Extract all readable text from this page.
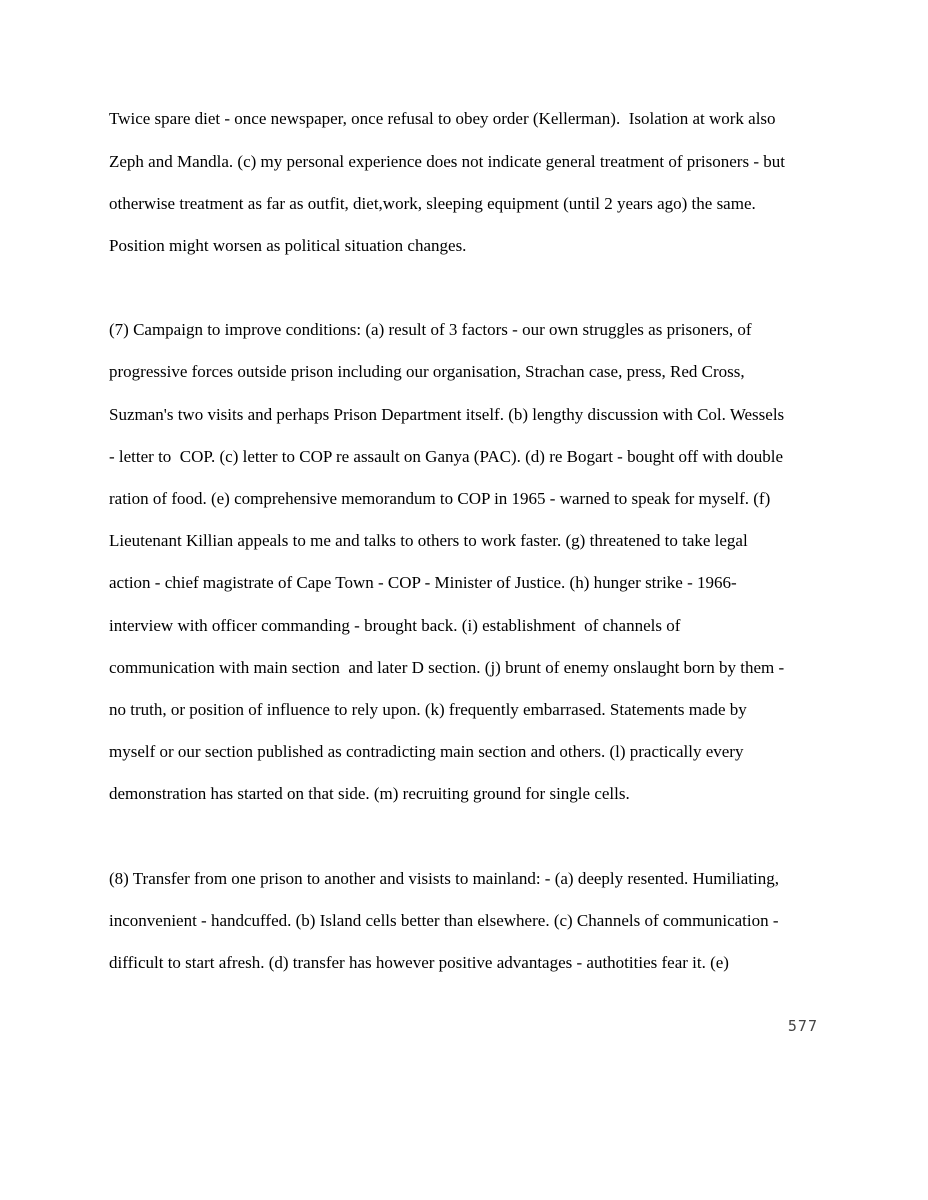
Twice spare diet - once newspaper, once refusal to obey order (Kellerman).  Isolation at work also

Zeph and Mandla. (c) my personal experience does not indicate general treatment of prisoners - but

otherwise treatment as far as outfit, diet,work, sleeping equipment (until 2 years ago) the same.

Position might worsen as political situation changes.

(7) Campaign to improve conditions: (a) result of 3 factors - our own struggles as prisoners, of

progressive forces outside prison including our organisation, Strachan case, press, Red Cross,

Suzman's two visits and perhaps Prison Department itself. (b) lengthy discussion with Col. Wessels

- letter to  COP. (c) letter to COP re assault on Ganya (PAC). (d) re Bogart - bought off with double

ration of food. (e) comprehensive memorandum to COP in 1965 - warned to speak for myself. (f)

Lieutenant Killian appeals to me and talks to others to work faster. (g) threatened to take legal

action - chief magistrate of Cape Town - COP - Minister of Justice. (h) hunger strike - 1966-

interview with officer commanding - brought back. (i) establishment  of channels of

communication with main section  and later D section. (j) brunt of enemy onslaught born by them -

no truth, or position of influence to rely upon. (k) frequently embarrased. Statements made by

myself or our section published as contradicting main section and others. (l) practically every

demonstration has started on that side. (m) recruiting ground for single cells.

(8) Transfer from one prison to another and visists to mainland: - (a) deeply resented. Humiliating,

inconvenient - handcuffed. (b) Island cells better than elsewhere. (c) Channels of communication -

difficult to start afresh. (d) transfer has however positive advantages - authotities fear it. (e)

577
